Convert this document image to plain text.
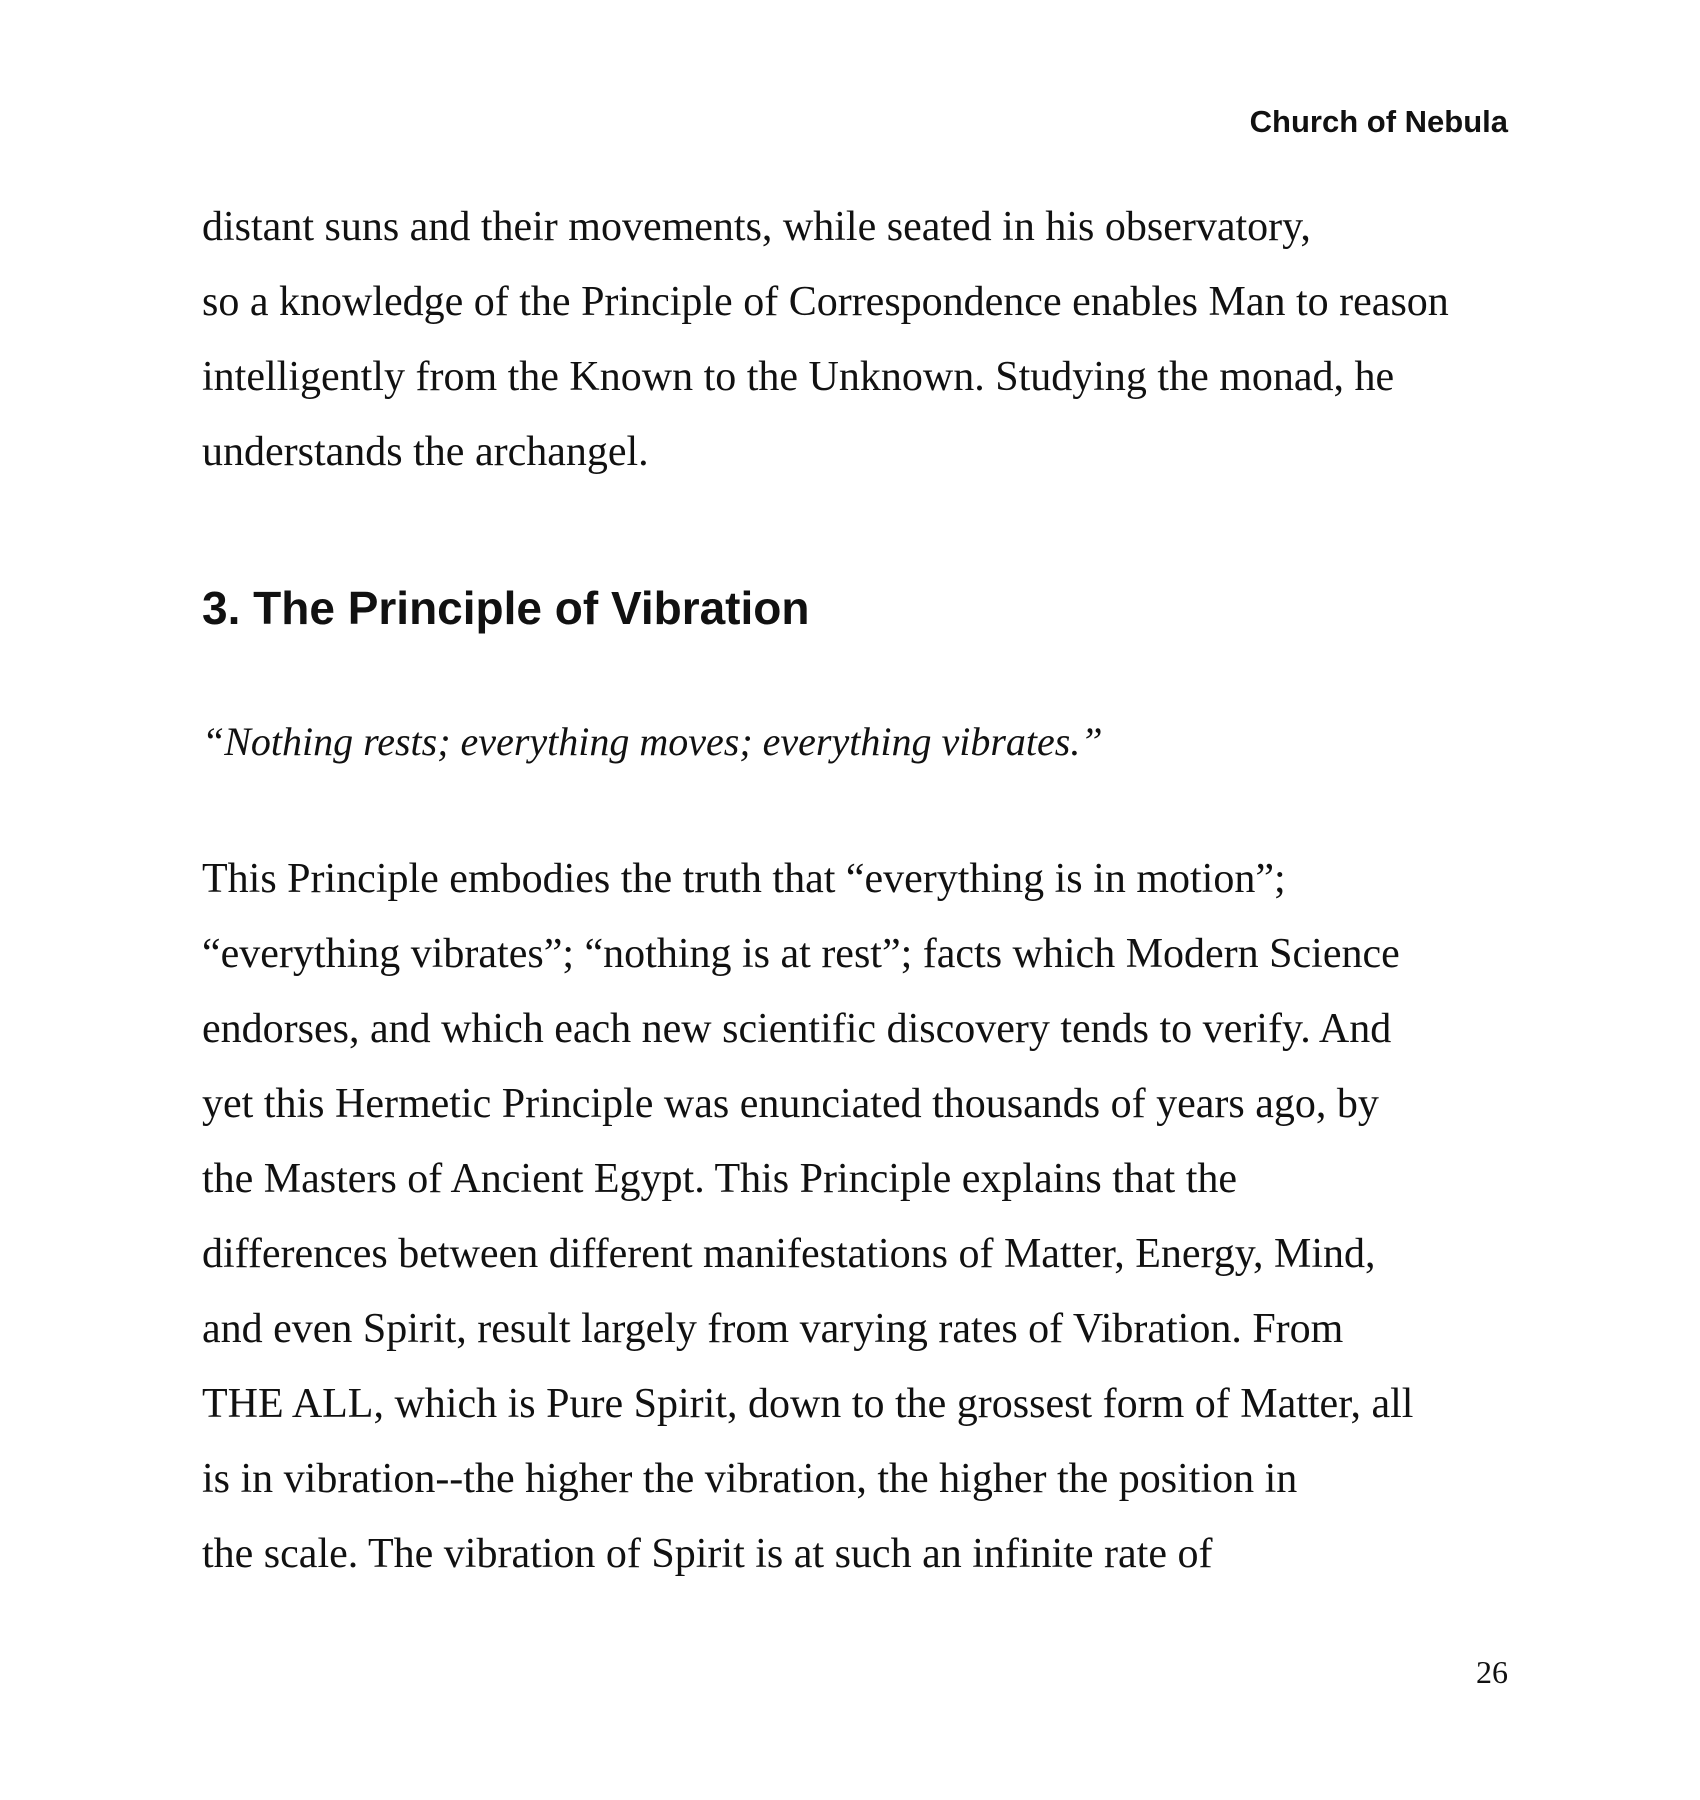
Church of Nebula
distant suns and their movements, while seated in his observatory,
so a knowledge of the Principle of Correspondence enables Man to reason
intelligently from the Known to the Unknown. Studying the monad, he
understands the archangel.
3. The Principle of Vibration
“Nothing rests; everything moves; everything vibrates.”
This Principle embodies the truth that “everything is in motion”;
“everything vibrates”; “nothing is at rest”; facts which Modern Science
endorses, and which each new scientific discovery tends to verify. And
yet this Hermetic Principle was enunciated thousands of years ago, by
the Masters of Ancient Egypt. This Principle explains that the
differences between different manifestations of Matter, Energy, Mind,
and even Spirit, result largely from varying rates of Vibration. From
THE ALL, which is Pure Spirit, down to the grossest form of Matter, all
is in vibration--the higher the vibration, the higher the position in
the scale. The vibration of Spirit is at such an infinite rate of
26
